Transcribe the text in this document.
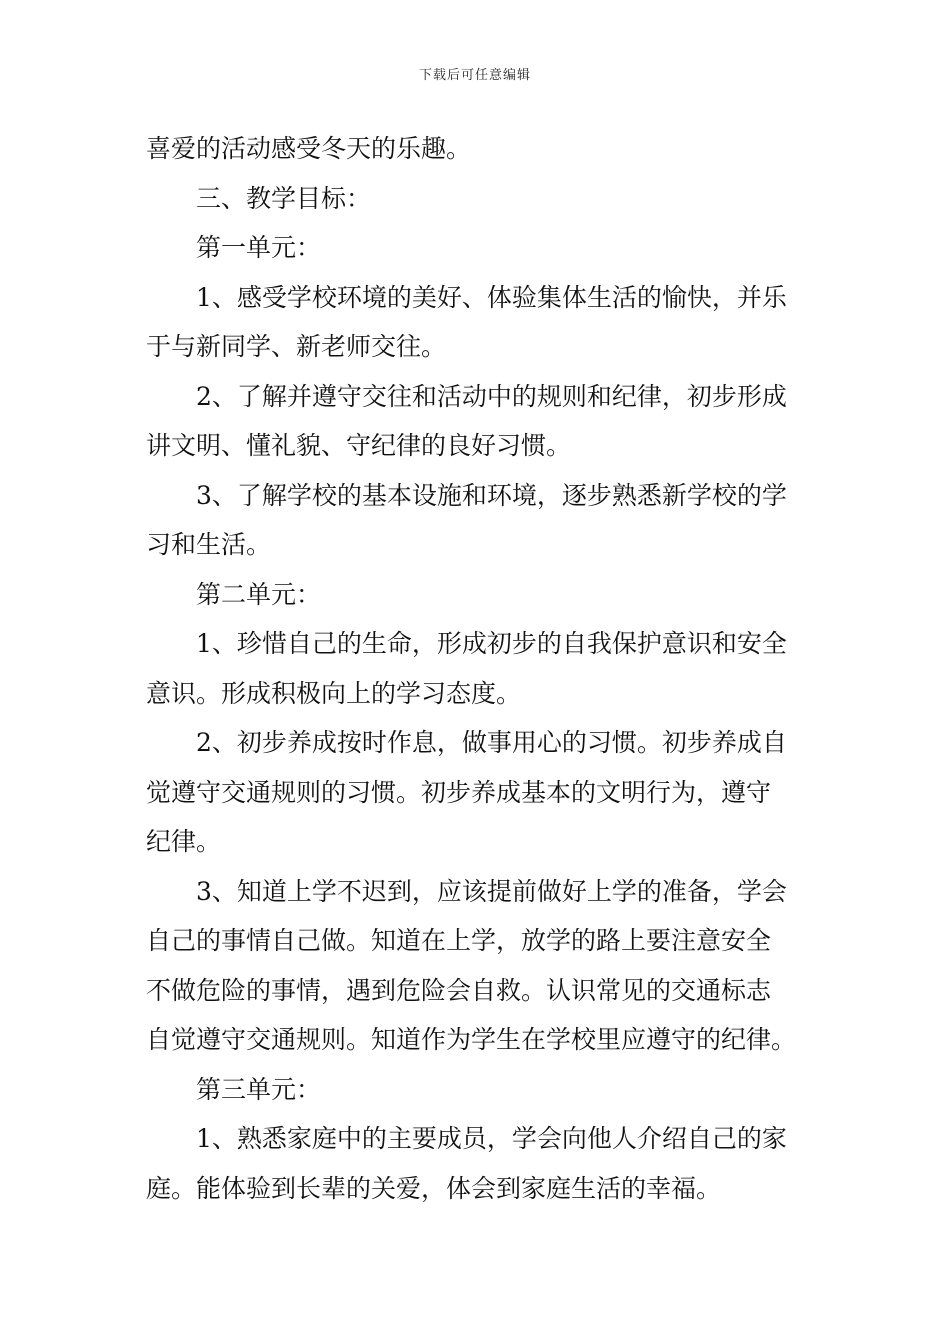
下载后可任意编辑
喜爱的活动感受冬天的乐趣。
三、教学目标：
第一单元：
1、感受学校环境的美好、体验集体生活的愉快，并乐
于与新同学、新老师交往。
2、了解并遵守交往和活动中的规则和纪律，初步形成
讲文明、懂礼貌、守纪律的良好习惯。
3、了解学校的基本设施和环境，逐步熟悉新学校的学
习和生活。
第二单元：
1、珍惜自己的生命，形成初步的自我保护意识和安全
意识。形成积极向上的学习态度。
2、初步养成按时作息，做事用心的习惯。初步养成自
觉遵守交通规则的习惯。初步养成基本的文明行为，遵守
纪律。
3、知道上学不迟到，应该提前做好上学的准备，学会
自己的事情自己做。知道在上学，放学的路上要注意安全
不做危险的事情，遇到危险会自救。认识常见的交通标志
自觉遵守交通规则。知道作为学生在学校里应遵守的纪律。
第三单元：
1、熟悉家庭中的主要成员，学会向他人介绍自己的家
庭。能体验到长辈的关爱，体会到家庭生活的幸福。
